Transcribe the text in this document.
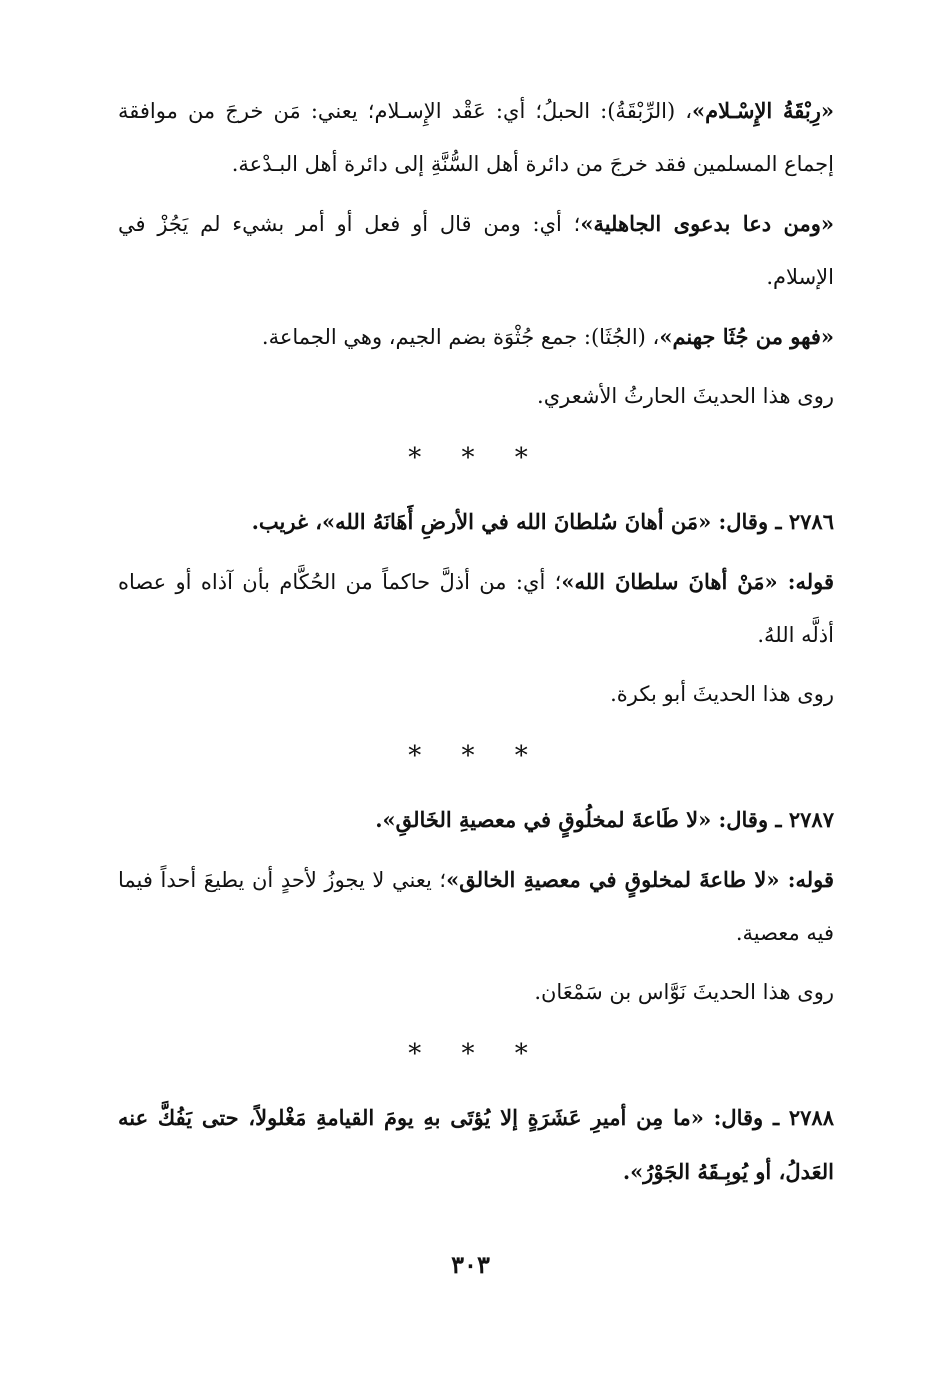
«رِبْقَةُ الإِسْـلام»، (الرِّبْقَةُ): الحبلُ؛ أي: عَقْد الإِسـلام؛ يعني: مَن خرجَ من موافقة إجماع المسلمين فقد خرجَ من دائرة أهل السُّنَّةِ إلى دائرة أهل البـدْعة.

«ومن دعا بدعوى الجاهلية»؛ أي: ومن قال أو فعل أو أمر بشيء لم يَجُزْ في الإسلام.

«فهو من جُثَا جهنم»، (الجُثَا): جمع جُثْوَة بضم الجيم، وهي الجماعة.

روى هذا الحديثَ الحارثُ الأشعري.

* * *

٢٧٨٦ ـ وقال: «مَن أهانَ سُلطانَ الله في الأرضِ أَهَانَهُ الله»، غريب.

قوله: «مَنْ أهانَ سلطانَ الله»؛ أي: من أذلَّ حاكماً من الحُكَّام بأن آذاه أو عصاه أذلَّه اللهُ.

روى هذا الحديثَ أبو بكرة.

* * *

٢٧٨٧ ـ وقال: «لا طَاعةَ لمخلُوقٍ في معصيةِ الخَالقِ».

قوله: «لا طاعةَ لمخلوقٍ في معصيةِ الخالق»؛ يعني لا يجوزُ لأحدٍ أن يطيعَ أحداً فيما فيه معصية.

روى هذا الحديثَ نَوَّاس بن سَمْعَان.

* * *

٢٧٨٨ ـ وقال: «ما مِن أميرِ عَشَرَةٍ إلا يُؤتَى بهِ يومَ القيامةِ مَغْلولاً، حتى يَفُكَّ عنه العَدلُ، أو يُوبِـقَهُ الجَوْرُ».

٣٠٣
